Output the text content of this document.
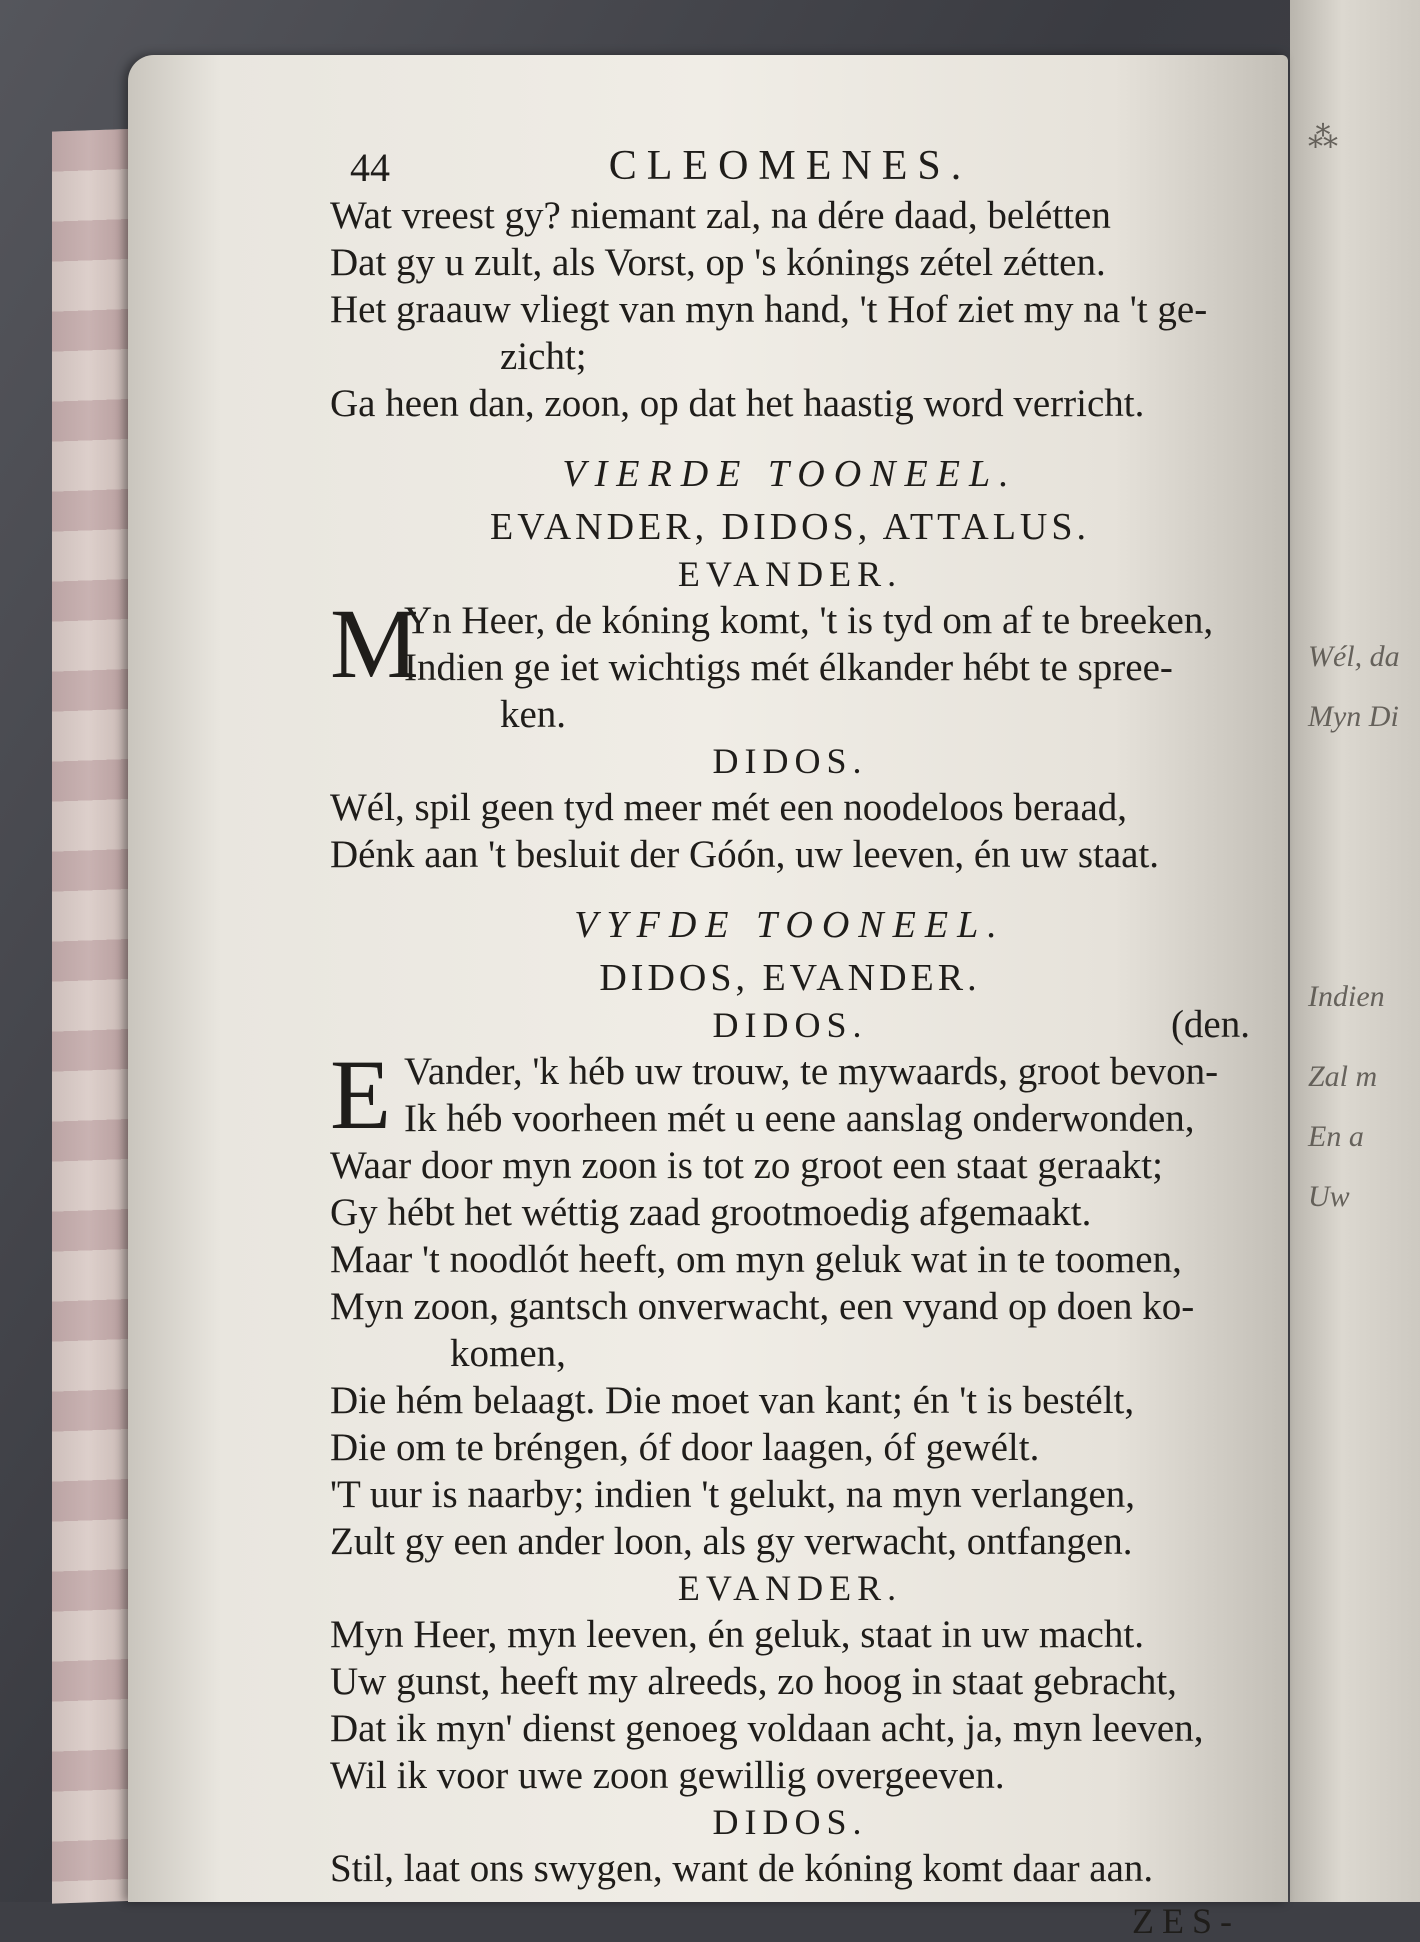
⁂
Wél, da
Myn Di
Indien
Zal m
En a
Uw
44	CLEOMENES.
Wat vreest gy? niemant zal, na dére daad, belétten
Dat gy u zult, als Vorst, op 's kónings zétel zétten.
Het graauw vliegt van myn hand, 't Hof ziet my na 't ge-
zicht;
Ga heen dan, zoon, op dat het haastig word verricht.
VIERDE TOONEEL.
EVANDER, DIDOS, ATTALUS.
EVANDER.
M
Yn Heer, de kóning komt, 't is tyd om af te breeken,
Indien ge iet wichtigs mét élkander hébt te spree-
ken.
DIDOS.
Wél, spil geen tyd meer mét een noodeloos beraad,
Dénk aan 't besluit der Góón, uw leeven, én uw staat.
VYFDE TOONEEL.
DIDOS, EVANDER.
DIDOS.	(den.
E Vander, 'k héb uw trouw, te mywaards, groot bevon-
Ik héb voorheen mét u eene aanslag onderwonden,
Waar door myn zoon is tot zo groot een staat geraakt;
Gy hébt het wéttig zaad grootmoedig afgemaakt.
Maar 't noodlót heeft, om myn geluk wat in te toomen,
Myn zoon, gantsch onverwacht, een vyand op doen ko-
komen,
Die hém belaagt. Die moet van kant; én 't is bestélt,
Die om te bréngen, óf door laagen, óf gewélt.
'T uur is naarby; indien 't gelukt, na myn verlangen,
Zult gy een ander loon, als gy verwacht, ontfangen.
EVANDER.
Myn Heer, myn leeven, én geluk, staat in uw macht.
Uw gunst, heeft my alreeds, zo hoog in staat gebracht,
Dat ik myn' dienst genoeg voldaan acht, ja, myn leeven,
Wil ik voor uwe zoon gewillig overgeeven.
DIDOS.
Stil, laat ons swygen, want de kóning komt daar aan.
ZES-
